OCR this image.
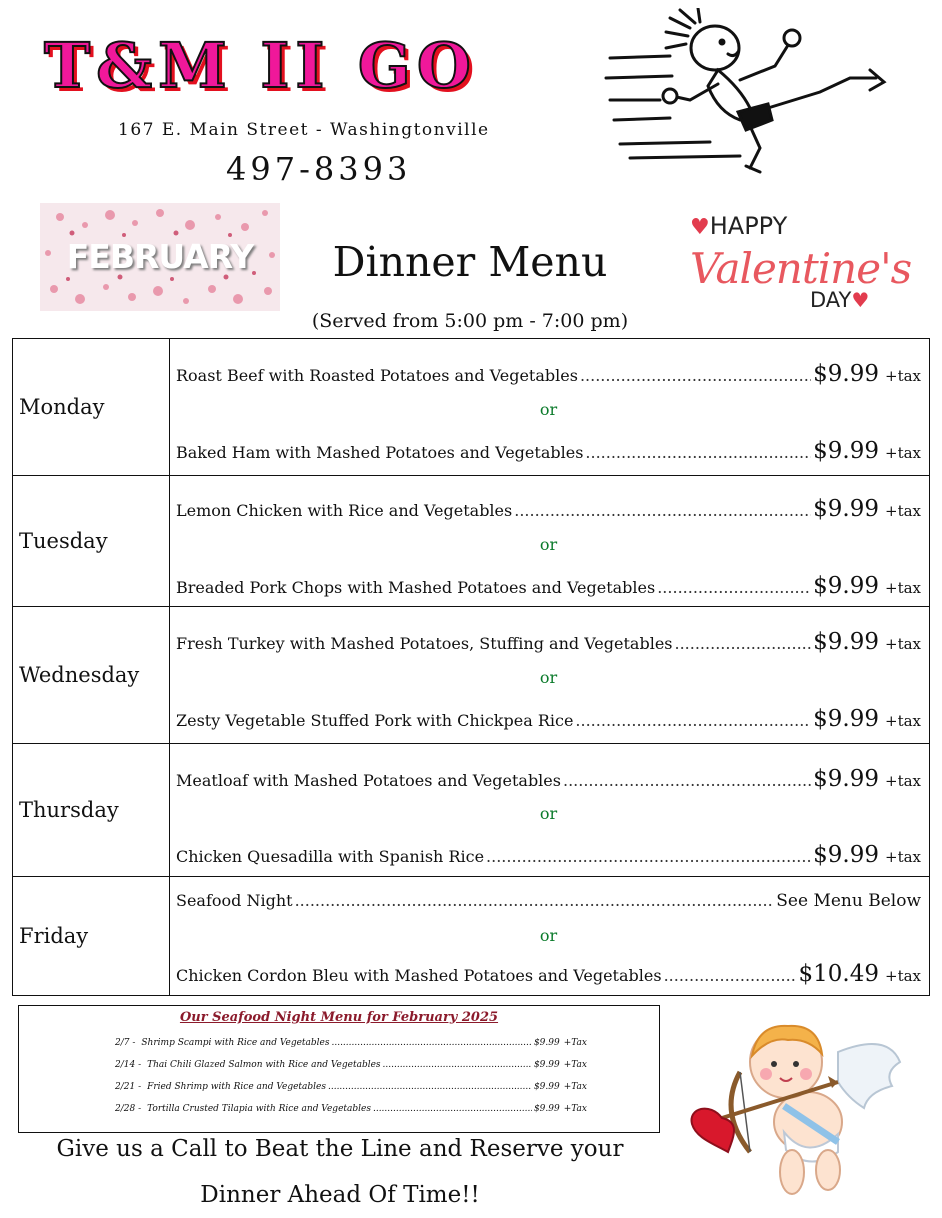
T&M II GO
167 E. Main Street - Washingtonville
497-8393
FEBRUARY	Dinner Menu
(Served from 5:00 pm - 7:00 pm)
♥HAPPY
Valentine's
DAY♥
Monday
Roast Beef with Roasted Potatoes and Vegetables .....	$9.99 +tax
or
Baked Ham with Mashed Potatoes and Vegetables .....	$9.99 +tax
Tuesday
Lemon Chicken with Rice and Vegetables .....	$9.99 +tax
or
Breaded Pork Chops with Mashed Potatoes and Vegetables .....	$9.99 +tax
Wednesday
Fresh Turkey with Mashed Potatoes, Stuffing and Vegetables .....	$9.99 +tax
or
Zesty Vegetable Stuffed Pork with Chickpea Rice .....	$9.99 +tax
Thursday
Meatloaf with Mashed Potatoes and Vegetables .....	$9.99 +tax
or
Chicken Quesadilla with Spanish Rice .....	$9.99 +tax
Friday
Seafood Night .....	See Menu Below
or
Chicken Cordon Bleu with Mashed Potatoes and Vegetables .....	$10.49 +tax
Our Seafood Night Menu for February 2025
2/7 - Shrimp Scampi with Rice and Vegetables .....	$9.99 +Tax
2/14 - Thai Chili Glazed Salmon with Rice and Vegetables .....	$9.99 +Tax
2/21 - Fried Shrimp with Rice and Vegetables .....	$9.99 +Tax
2/28 - Tortilla Crusted Tilapia with Rice and Vegetables .....	$9.99 +Tax
Give us a Call to Beat the Line and Reserve your
Dinner Ahead Of Time!!
